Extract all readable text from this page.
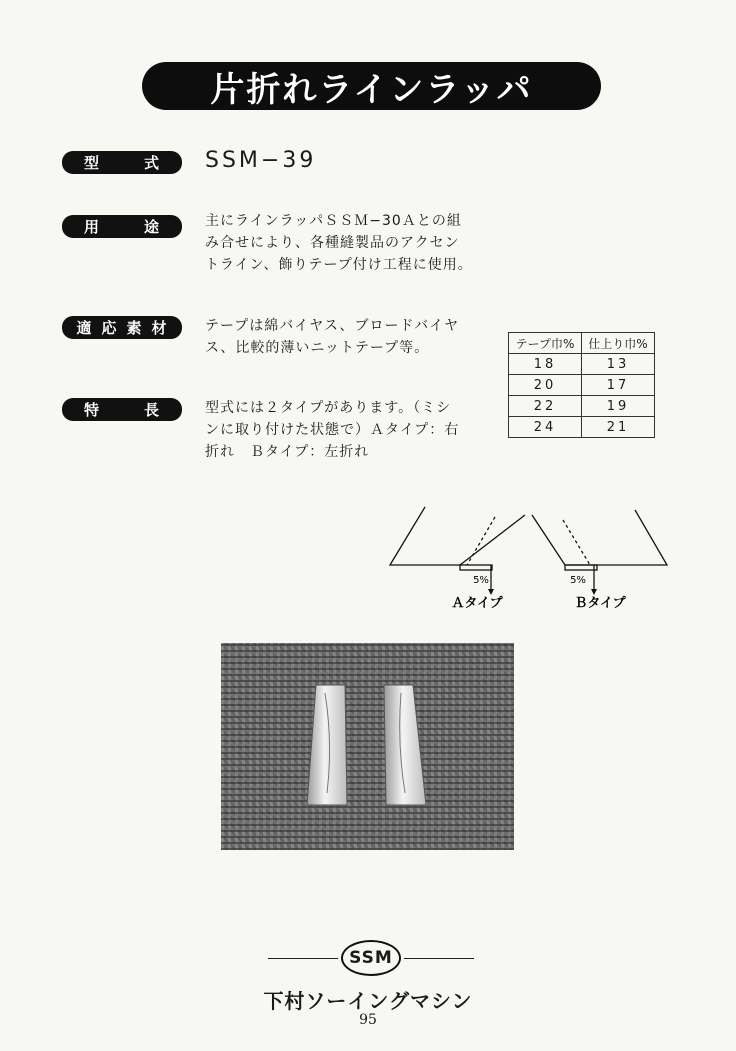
片折れラインラッパ
型	式 SSM−39
用	途	主にラインラッパＳＳＭ−30Ａとの組
み合せにより、各種縫製品のアクセン
トライン、飾りテープ付け工程に使用。
適 応 素 材	テープは綿バイヤス、ブロードバイヤ
ス、比較的薄いニットテープ等。
特	長	型式には２タイプがあります。（ミシ
ンに取り付けた状態で）Ａタイプ：右
折れ　Ｂタイプ：左折れ
テープ巾%	仕上り巾%
18	13
20	17
22	19
24	21
5%	5%
Ａタイプ	Ｂタイプ
SSM
下村ソーイングマシン
95
